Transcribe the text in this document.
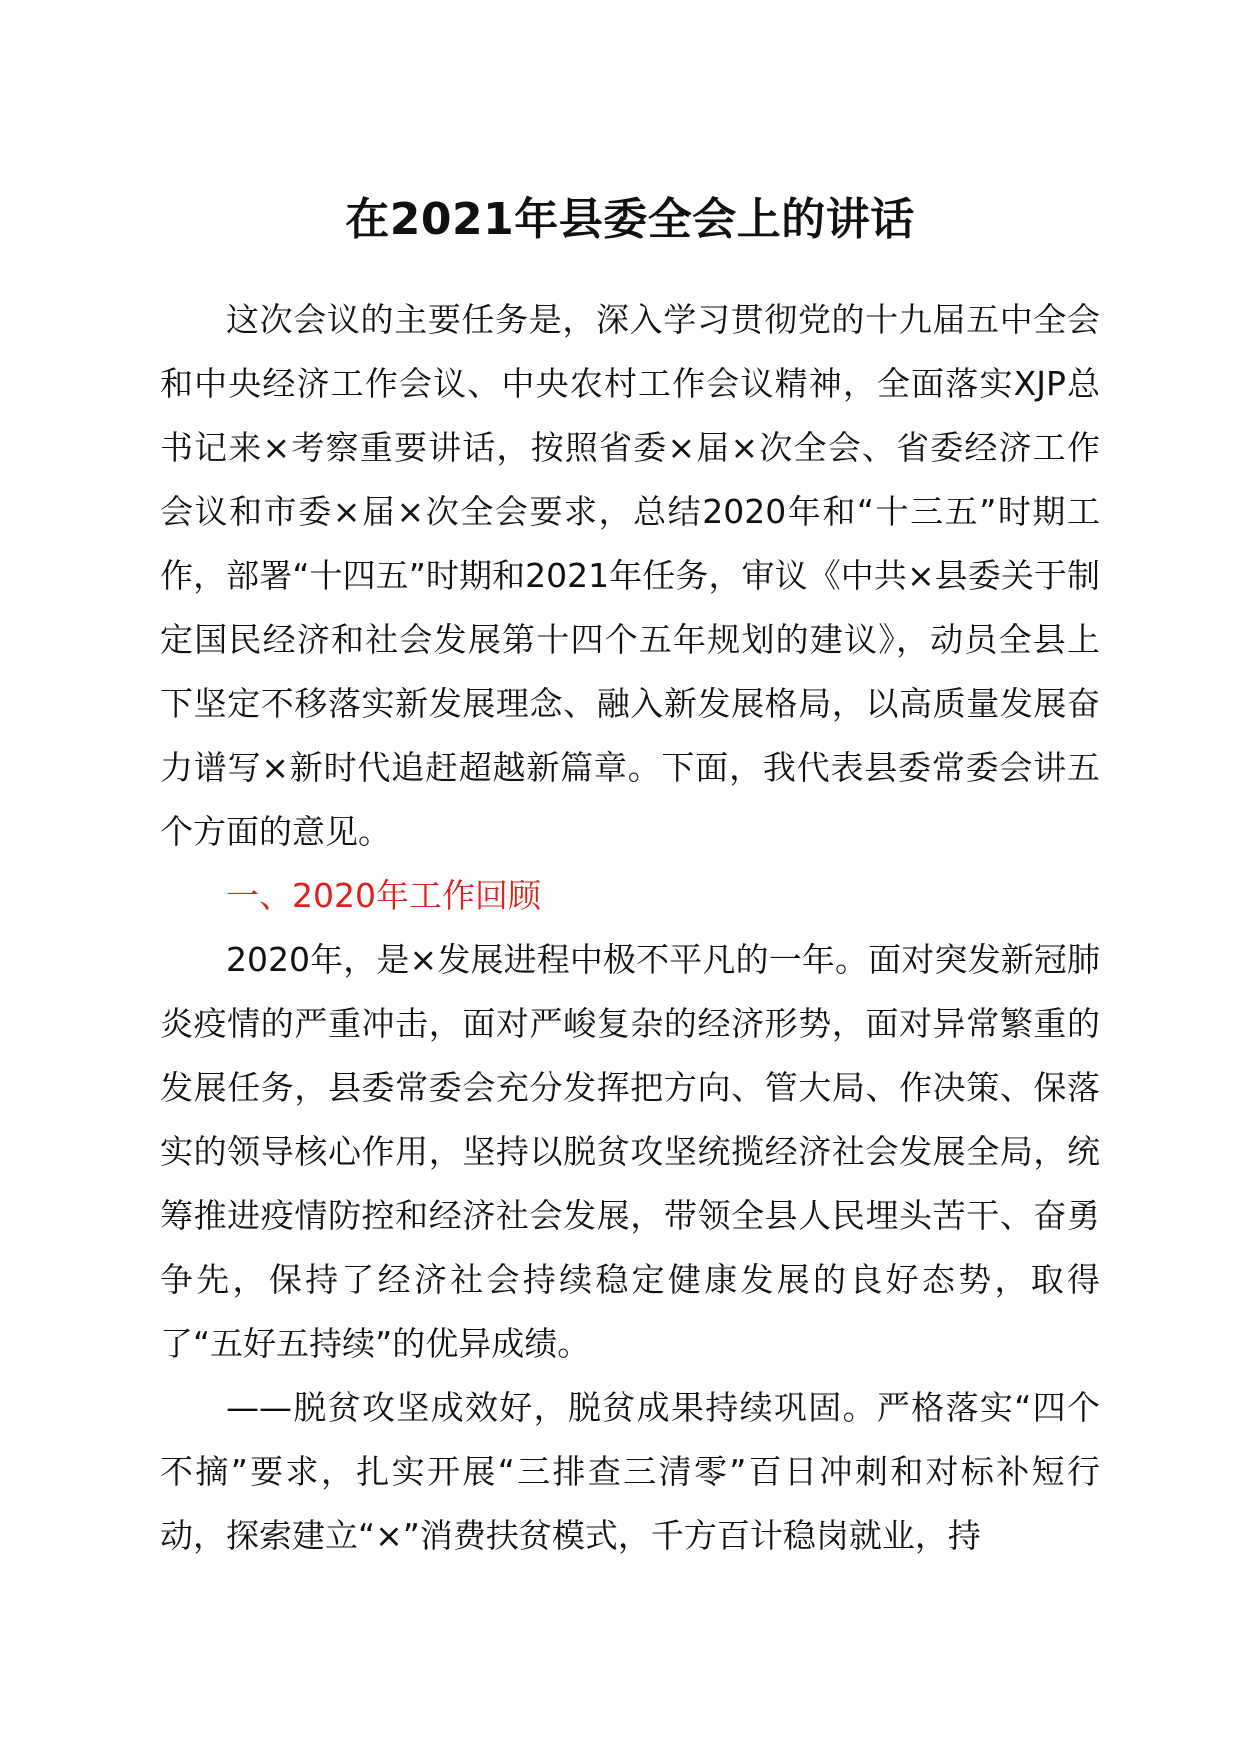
在2021年县委全会上的讲话

这次会议的主要任务是，深入学习贯彻党的十九届五中全会和中央经济工作会议、中央农村工作会议精神，全面落实XJP总书记来×考察重要讲话，按照省委×届×次全会、省委经济工作会议和市委×届×次全会要求，总结2020年和“十三五”时期工作，部署“十四五”时期和2021年任务，审议《中共×县委关于制定国民经济和社会发展第十四个五年规划的建议》，动员全县上下坚定不移落实新发展理念、融入新发展格局，以高质量发展奋力谱写×新时代追赶超越新篇章。下面，我代表县委常委会讲五个方面的意见。

一、2020年工作回顾

2020年，是×发展进程中极不平凡的一年。面对突发新冠肺炎疫情的严重冲击，面对严峻复杂的经济形势，面对异常繁重的发展任务，县委常委会充分发挥把方向、管大局、作决策、保落实的领导核心作用，坚持以脱贫攻坚统揽经济社会发展全局，统筹推进疫情防控和经济社会发展，带领全县人民埋头苦干、奋勇争先，保持了经济社会持续稳定健康发展的良好态势，取得了“五好五持续”的优异成绩。

——脱贫攻坚成效好，脱贫成果持续巩固。严格落实“四个不摘”要求，扎实开展“三排查三清零”百日冲刺和对标补短行动，探索建立“×”消费扶贫模式，千方百计稳岗就业，持
